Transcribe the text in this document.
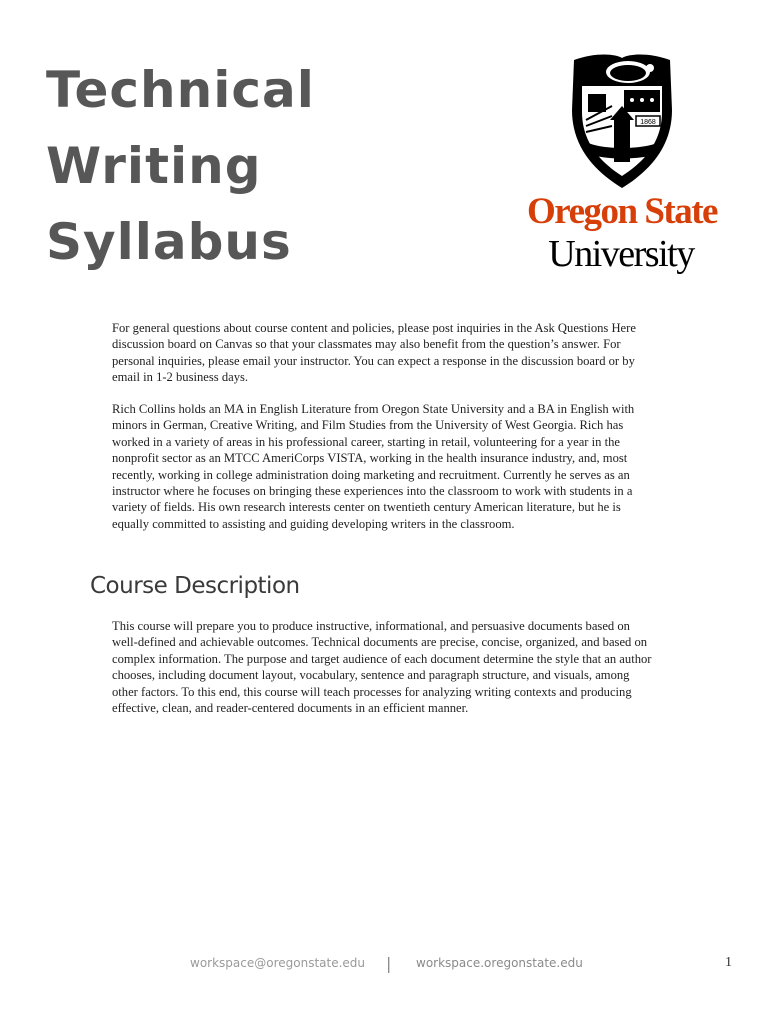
Technical Writing
Syllabus
1868
Oregon State
University

For general questions about course content and policies, please post inquiries in the Ask Questions Here discussion board on Canvas so that your classmates may also benefit from the question’s answer. For personal inquiries, please email your instructor. You can expect a response in the discussion board or by email in 1-2 business days.

Rich Collins holds an MA in English Literature from Oregon State University and a BA in English with minors in German, Creative Writing, and Film Studies from the University of West Georgia. Rich has worked in a variety of areas in his professional career, starting in retail, volunteering for a year in the nonprofit sector as an MTCC AmeriCorps VISTA, working in the health insurance industry, and, most recently, working in college administration doing marketing and recruitment. Currently he serves as an instructor where he focuses on bringing these experiences into the classroom to work with students in a variety of fields. His own research interests center on twentieth century American literature, but he is equally committed to assisting and guiding developing writers in the classroom.

Course Description

This course will prepare you to produce instructive, informational, and persuasive documents based on well-defined and achievable outcomes. Technical documents are precise, concise, organized, and based on complex information. The purpose and target audience of each document determine the style that an author chooses, including document layout, vocabulary, sentence and paragraph structure, and visuals, among other factors. To this end, this course will teach processes for analyzing writing contexts and producing effective, clean, and reader-centered documents in an efficient manner.

workspace@oregonstate.edu | workspace.oregonstate.edu	1
